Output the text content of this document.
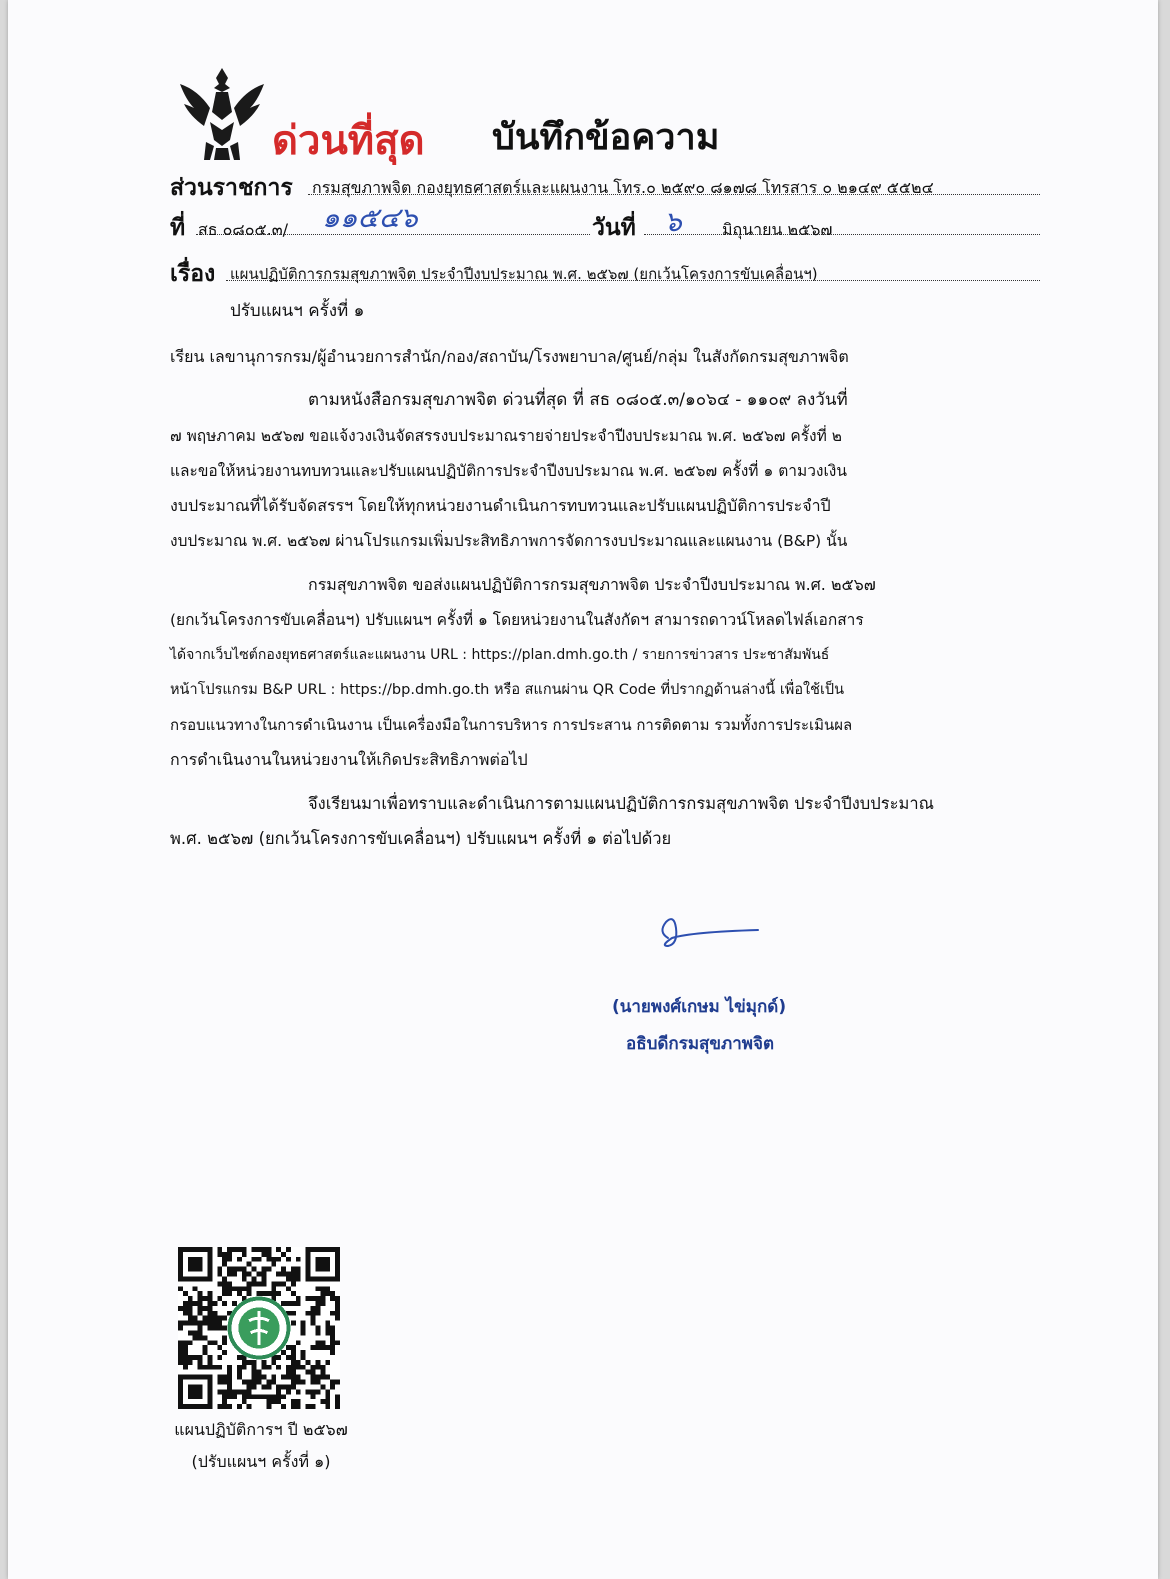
ด่วนที่สุด บันทึกข้อความ
ส่วนราชการ กรมสุขภาพจิต กองยุทธศาสตร์และแผนงาน โทร.๐ ๒๕๙๐ ๘๑๗๘ โทรสาร ๐ ๒๑๔๙ ๕๕๒๔
ที่ สธ ๐๘๐๕.๓/ ๑๑๕๔๖	วันที่ ๖	มิถุนายน ๒๕๖๗
เรื่อง แผนปฏิบัติการกรมสุขภาพจิต ประจำปีงบประมาณ พ.ศ. ๒๕๖๗ (ยกเว้นโครงการขับเคลื่อนฯ)
ปรับแผนฯ ครั้งที่ ๑
เรียน เลขานุการกรม/ผู้อำนวยการสำนัก/กอง/สถาบัน/โรงพยาบาล/ศูนย์/กลุ่ม ในสังกัดกรมสุขภาพจิต
ตามหนังสือกรมสุขภาพจิต ด่วนที่สุด ที่ สธ ๐๘๐๕.๓/๑๐๖๔ - ๑๑๐๙ ลงวันที่
๗ พฤษภาคม ๒๕๖๗ ขอแจ้งวงเงินจัดสรรงบประมาณรายจ่ายประจำปีงบประมาณ พ.ศ. ๒๕๖๗ ครั้งที่ ๒
และขอให้หน่วยงานทบทวนและปรับแผนปฏิบัติการประจำปีงบประมาณ พ.ศ. ๒๕๖๗ ครั้งที่ ๑ ตามวงเงิน
งบประมาณที่ได้รับจัดสรรฯ โดยให้ทุกหน่วยงานดำเนินการทบทวนและปรับแผนปฏิบัติการประจำปี
งบประมาณ พ.ศ. ๒๕๖๗ ผ่านโปรแกรมเพิ่มประสิทธิภาพการจัดการงบประมาณและแผนงาน (B&P) นั้น
กรมสุขภาพจิต ขอส่งแผนปฏิบัติการกรมสุขภาพจิต ประจำปีงบประมาณ พ.ศ. ๒๕๖๗
(ยกเว้นโครงการขับเคลื่อนฯ) ปรับแผนฯ ครั้งที่ ๑ โดยหน่วยงานในสังกัดฯ สามารถดาวน์โหลดไฟล์เอกสาร
ได้จากเว็บไซต์กองยุทธศาสตร์และแผนงาน URL : https://plan.dmh.go.th / รายการข่าวสาร ประชาสัมพันธ์
หน้าโปรแกรม B&P URL : https://bp.dmh.go.th หรือ สแกนผ่าน QR Code ที่ปรากฏด้านล่างนี้ เพื่อใช้เป็น
กรอบแนวทางในการดำเนินงาน เป็นเครื่องมือในการบริหาร การประสาน การติดตาม รวมทั้งการประเมินผล
การดำเนินงานในหน่วยงานให้เกิดประสิทธิภาพต่อไป
จึงเรียนมาเพื่อทราบและดำเนินการตามแผนปฏิบัติการกรมสุขภาพจิต ประจำปีงบประมาณ
พ.ศ. ๒๕๖๗ (ยกเว้นโครงการขับเคลื่อนฯ) ปรับแผนฯ ครั้งที่ ๑ ต่อไปด้วย
(นายพงศ์เกษม ไข่มุกด์)
อธิบดีกรมสุขภาพจิต
แผนปฏิบัติการฯ ปี ๒๕๖๗
(ปรับแผนฯ ครั้งที่ ๑)
